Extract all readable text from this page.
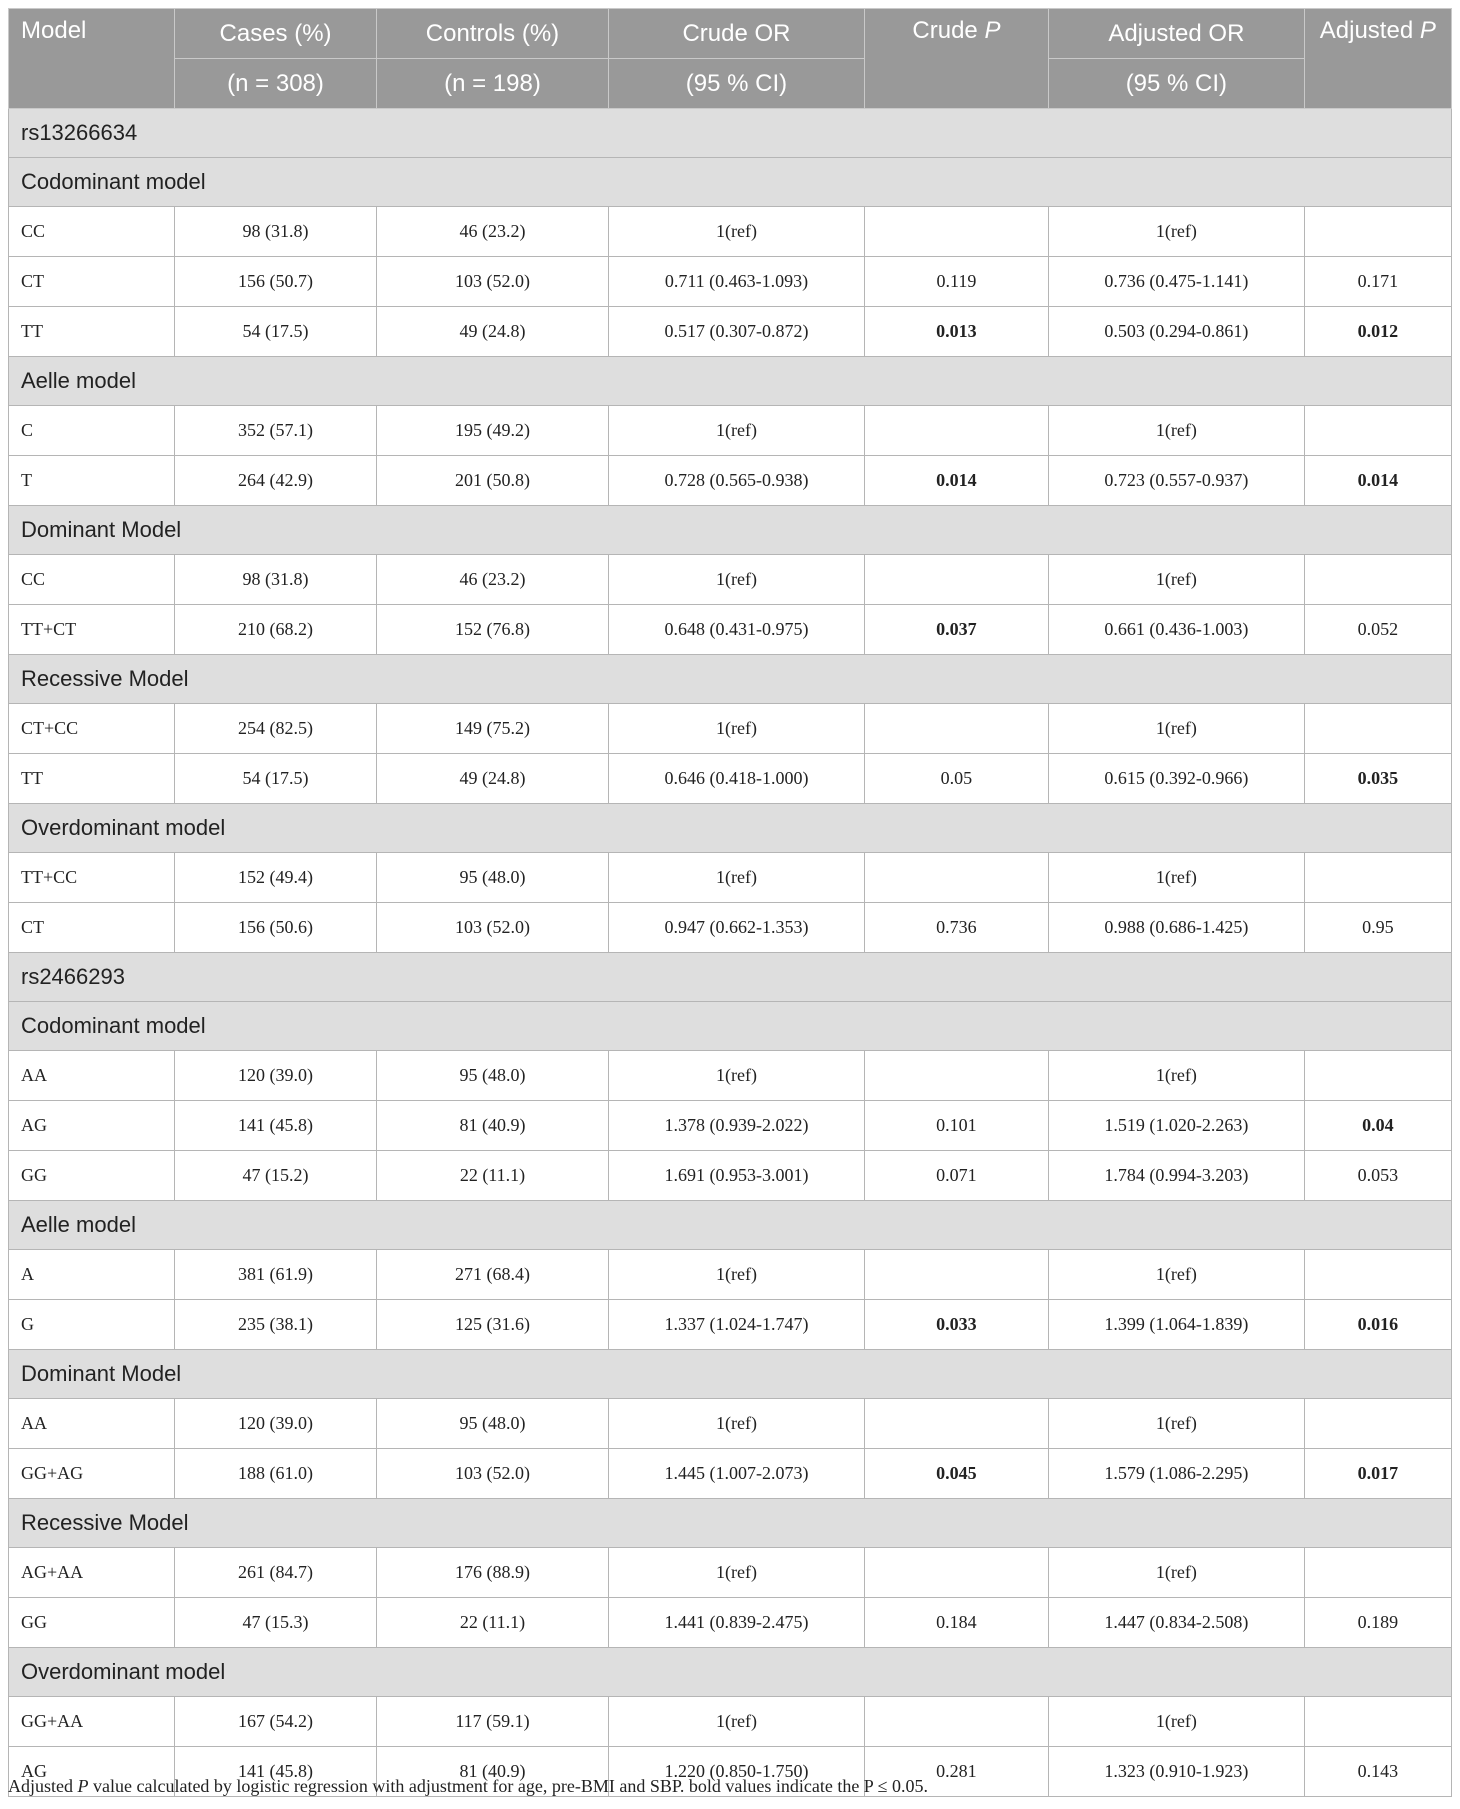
Model	Cases (%)	Controls (%)	Crude OR	Crude P	Adjusted OR	Adjusted P
	(n = 308)	(n = 198)	(95 % CI)		(95 % CI)	
rs13266634						
Codominant model						
CC	98 (31.8)	46 (23.2)	1(ref)		1(ref)	
CT	156 (50.7)	103 (52.0)	0.711 (0.463-1.093)	0.119	0.736 (0.475-1.141)	0.171
TT	54 (17.5)	49 (24.8)	0.517 (0.307-0.872)	0.013	0.503 (0.294-0.861)	0.012
Aelle model						
C	352 (57.1)	195 (49.2)	1(ref)		1(ref)	
T	264 (42.9)	201 (50.8)	0.728 (0.565-0.938)	0.014	0.723 (0.557-0.937)	0.014
Dominant Model						
CC	98 (31.8)	46 (23.2)	1(ref)		1(ref)	
TT+CT	210 (68.2)	152 (76.8)	0.648 (0.431-0.975)	0.037	0.661 (0.436-1.003)	0.052
Recessive Model						
CT+CC	254 (82.5)	149 (75.2)	1(ref)		1(ref)	
TT	54 (17.5)	49 (24.8)	0.646 (0.418-1.000)	0.05	0.615 (0.392-0.966)	0.035
Overdominant model						
TT+CC	152 (49.4)	95 (48.0)	1(ref)		1(ref)	
CT	156 (50.6)	103 (52.0)	0.947 (0.662-1.353)	0.736	0.988 (0.686-1.425)	0.95
rs2466293						
Codominant model						
AA	120 (39.0)	95 (48.0)	1(ref)		1(ref)	
AG	141 (45.8)	81 (40.9)	1.378 (0.939-2.022)	0.101	1.519 (1.020-2.263)	0.04
GG	47 (15.2)	22 (11.1)	1.691 (0.953-3.001)	0.071	1.784 (0.994-3.203)	0.053
Aelle model						
A	381 (61.9)	271 (68.4)	1(ref)		1(ref)	
G	235 (38.1)	125 (31.6)	1.337 (1.024-1.747)	0.033	1.399 (1.064-1.839)	0.016
Dominant Model						
AA	120 (39.0)	95 (48.0)	1(ref)		1(ref)	
GG+AG	188 (61.0)	103 (52.0)	1.445 (1.007-2.073)	0.045	1.579 (1.086-2.295)	0.017
Recessive Model						
AG+AA	261 (84.7)	176 (88.9)	1(ref)		1(ref)	
GG	47 (15.3)	22 (11.1)	1.441 (0.839-2.475)	0.184	1.447 (0.834-2.508)	0.189
Overdominant model						
GG+AA	167 (54.2)	117 (59.1)	1(ref)		1(ref)	
AG	141 (45.8)	81 (40.9)	1.220 (0.850-1.750)	0.281	1.323 (0.910-1.923)	0.143
Adjusted P value calculated by logistic regression with adjustment for age, pre-BMI and SBP. bold values indicate the P ≤ 0.05.
